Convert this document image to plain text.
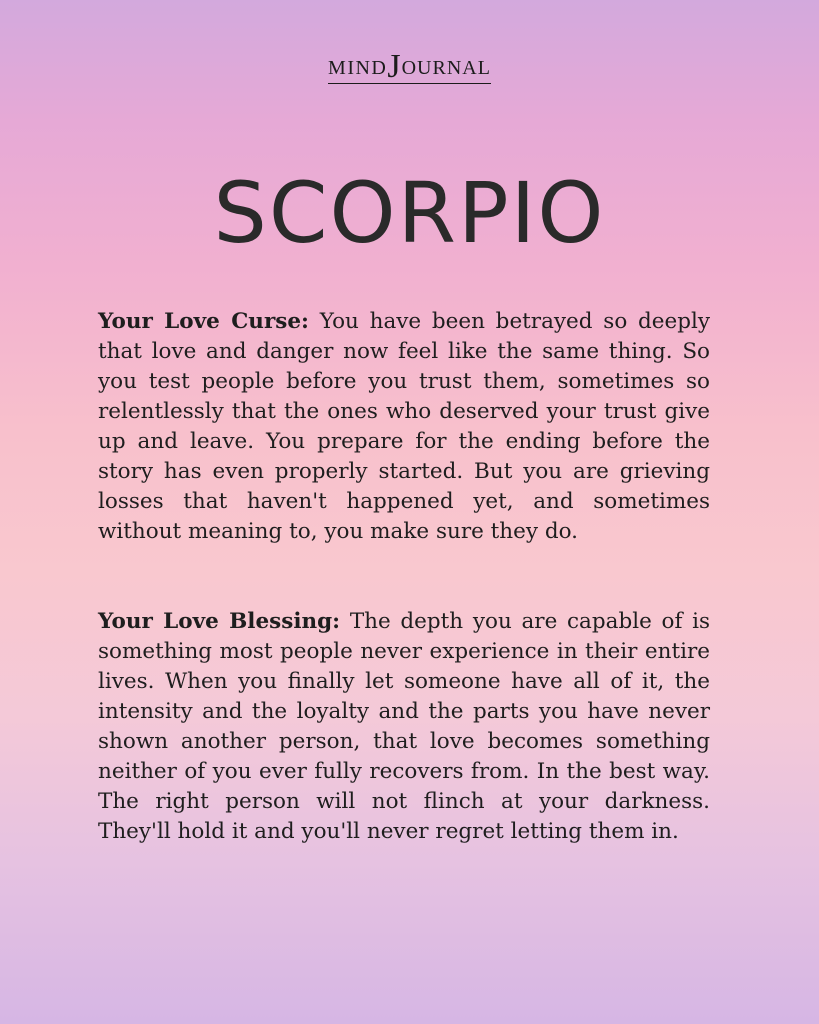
MINDJOURNAL
SCORPIO

Your Love Curse: You have been betrayed so deeply that love and danger now feel like the same thing. So you test people before you trust them, sometimes so relentlessly that the ones who deserved your trust give up and leave. You prepare for the ending before the story has even properly started. But you are grieving losses that haven't happened yet, and sometimes without meaning to, you make sure they do.

Your Love Blessing: The depth you are capable of is something most people never experience in their entire lives. When you finally let someone have all of it, the intensity and the loyalty and the parts you have never shown another person, that love becomes something neither of you ever fully recovers from. In the best way. The right person will not flinch at your darkness. They'll hold it and you'll never regret letting them in.
